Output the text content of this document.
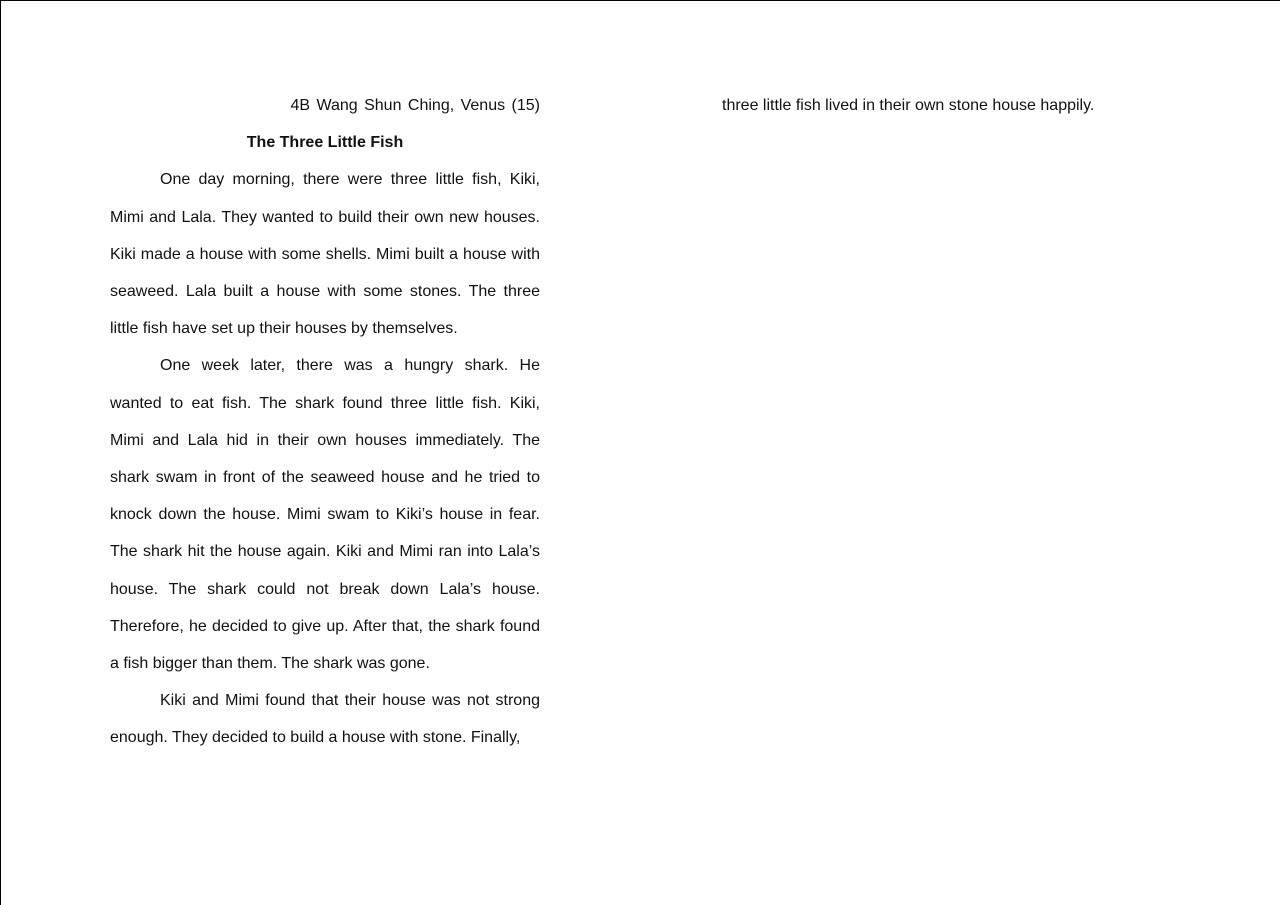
4B Wang Shun Ching, Venus (15)

The Three Little Fish

One day morning, there were three little fish, Kiki, Mimi and Lala. They wanted to build their own new houses. Kiki made a house with some shells. Mimi built a house with seaweed. Lala built a house with some stones. The three little fish have set up their houses by themselves.

One week later, there was a hungry shark. He wanted to eat fish. The shark found three little fish. Kiki, Mimi and Lala hid in their own houses immediately. The shark swam in front of the seaweed house and he tried to knock down the house. Mimi swam to Kiki’s house in fear. The shark hit the house again. Kiki and Mimi ran into Lala’s house. The shark could not break down Lala’s house. Therefore, he decided to give up. After that, the shark found a fish bigger than them. The shark was gone.

Kiki and Mimi found that their house was not strong enough. They decided to build a house with stone. Finally,

three little fish lived in their own stone house happily.
